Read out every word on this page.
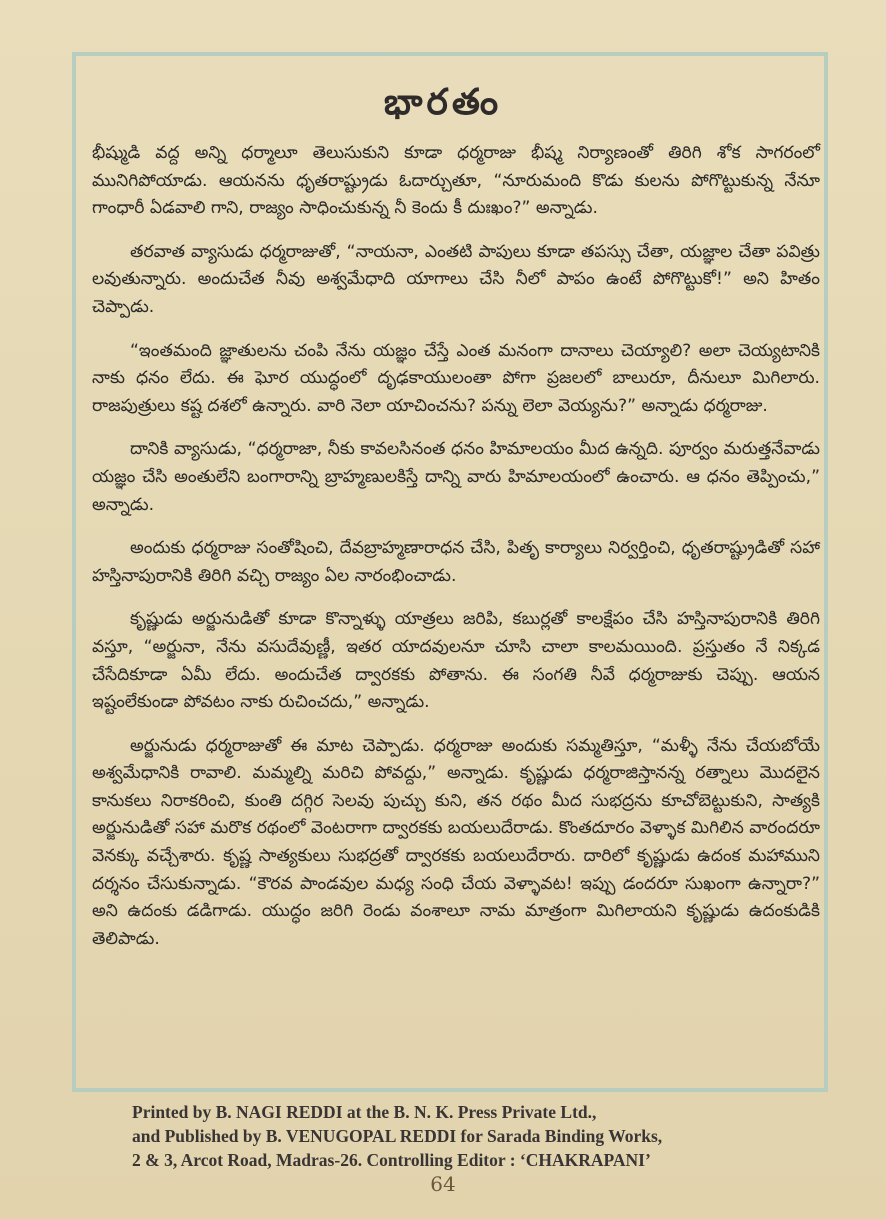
భారతం

భీష్ముడి వద్ద అన్ని ధర్మాలూ తెలుసుకుని కూడా ధర్మరాజు భీష్మ నిర్యాణంతో తిరిగి శోక సాగరంలో మునిగిపోయాడు. ఆయనను ధృతరాష్ట్రుడు ఓదార్చుతూ, “నూరుమంది కొడు కులను పోగొట్టుకున్న నేనూ గాంధారీ ఏడవాలి గాని, రాజ్యం సాధించుకున్న నీ కెందు కీ దుఃఖం?” అన్నాడు.

తరవాత వ్యాసుడు ధర్మరాజుతో, “నాయనా, ఎంతటి పాపులు కూడా తపస్సు చేతా, యజ్ఞాల చేతా పవిత్రు లవుతున్నారు. అందుచేత నీవు అశ్వమేధాది యాగాలు చేసి నీలో పాపం ఉంటే పోగొట్టుకో!” అని హితం చెప్పాడు.

“ఇంతమంది జ్ఞాతులను చంపి నేను యజ్ఞం చేస్తే ఎంత మనంగా దానాలు చెయ్యాలి? అలా చెయ్యటానికి నాకు ధనం లేదు. ఈ ఘోర యుద్ధంలో దృఢకాయులంతా పోగా ప్రజలలో బాలురూ, దీనులూ మిగిలారు. రాజపుత్రులు కష్ట దశలో ఉన్నారు. వారి నెలా యాచించను? పన్ను లెలా వెయ్యను?” అన్నాడు ధర్మరాజు.

దానికి వ్యాసుడు, “ధర్మరాజా, నీకు కావలసినంత ధనం హిమాలయం మీద ఉన్నది. పూర్వం మరుత్తనేవాడు యజ్ఞం చేసి అంతులేని బంగారాన్ని బ్రాహ్మణులకిస్తే దాన్ని వారు హిమాలయంలో ఉంచారు. ఆ ధనం తెప్పించు,” అన్నాడు.

అందుకు ధర్మరాజు సంతోషించి, దేవబ్రాహ్మణారాధన చేసి, పితృ కార్యాలు నిర్వర్తించి, ధృతరాష్ట్రుడితో సహా హస్తినాపురానికి తిరిగి వచ్చి రాజ్యం ఏల నారంభించాడు.

కృష్ణుడు అర్జునుడితో కూడా కొన్నాళ్ళు యాత్రలు జరిపి, కబుర్లతో కాలక్షేపం చేసి హస్తినాపురానికి తిరిగి వస్తూ, “అర్జునా, నేను వసుదేవుణ్ణీ, ఇతర యాదవులనూ చూసి చాలా కాలమయింది. ప్రస్తుతం నే నిక్కడ చేసేదికూడా ఏమీ లేదు. అందుచేత ద్వారకకు పోతాను. ఈ సంగతి నీవే ధర్మరాజుకు చెప్పు. ఆయన ఇష్టంలేకుండా పోవటం నాకు రుచించదు,” అన్నాడు.

అర్జునుడు ధర్మరాజుతో ఈ మాట చెప్పాడు. ధర్మరాజు అందుకు సమ్మతిస్తూ, “మళ్ళీ నేను చేయబోయే అశ్వమేధానికి రావాలి. మమ్మల్ని మరిచి పోవద్దు,” అన్నాడు. కృష్ణుడు ధర్మరాజిస్తానన్న రత్నాలు మొదలైన కానుకలు నిరాకరించి, కుంతి దగ్గిర సెలవు పుచ్చు కుని, తన రథం మీద సుభద్రను కూచోబెట్టుకుని, సాత్యకి అర్జునుడితో సహా మరొక రథంలో వెంటరాగా ద్వారకకు బయలుదేరాడు. కొంతదూరం వెళ్ళాక మిగిలిన వారందరూ వెనక్కు వచ్చేశారు. కృష్ణ సాత్యకులు సుభద్రతో ద్వారకకు బయలుదేరారు. దారిలో కృష్ణుడు ఉదంక మహాముని దర్శనం చేసుకున్నాడు. “కౌరవ పాండవుల మధ్య సంధి చేయ వెళ్ళావట! ఇప్పు డందరూ సుఖంగా ఉన్నారా?” అని ఉదంకు డడిగాడు. యుద్ధం జరిగి రెండు వంశాలూ నామ మాత్రంగా మిగిలాయని కృష్ణుడు ఉదంకుడికి తెలిపాడు.

Printed by B. NAGI REDDI at the B. N. K. Press Private Ltd.,
and Published by B. VENUGOPAL REDDI for Sarada Binding Works,
2 & 3, Arcot Road, Madras-26. Controlling Editor : ‘CHAKRAPANI’
64
